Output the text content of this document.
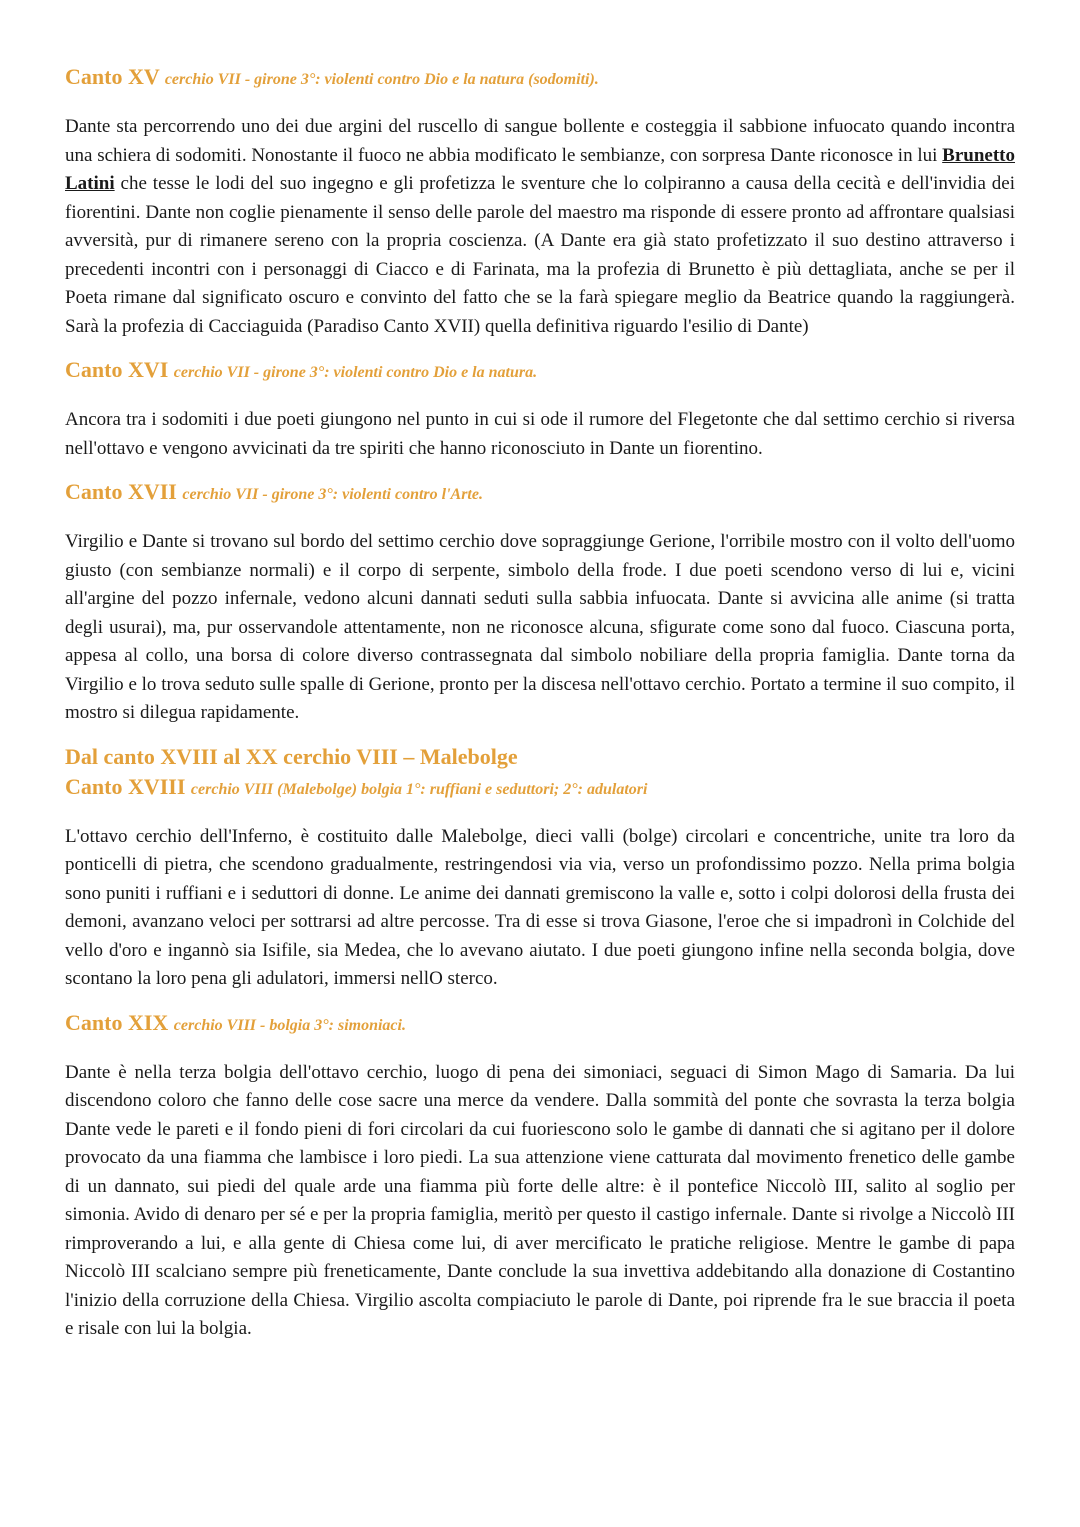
Canto XV cerchio VII - girone 3°: violenti contro Dio e la natura (sodomiti).

Dante sta percorrendo uno dei due argini del ruscello di sangue bollente e costeggia il sabbione infuocato quando incontra una schiera di sodomiti. Nonostante il fuoco ne abbia modificato le sembianze, con sorpresa Dante riconosce in lui Brunetto Latini che tesse le lodi del suo ingegno e gli profetizza le sventure che lo colpiranno a causa della cecità e dell'invidia dei fiorentini. Dante non coglie pienamente il senso delle parole del maestro ma risponde di essere pronto ad affrontare qualsiasi avversità, pur di rimanere sereno con la propria coscienza. (A Dante era già stato profetizzato il suo destino attraverso i precedenti incontri con i personaggi di Ciacco e di Farinata, ma la profezia di Brunetto è più dettagliata, anche se per il Poeta rimane dal significato oscuro e convinto del fatto che se la farà spiegare meglio da Beatrice quando la raggiungerà. Sarà la profezia di Cacciaguida (Paradiso Canto XVII) quella definitiva riguardo l'esilio di Dante)

Canto XVI cerchio VII - girone 3°: violenti contro Dio e la natura.

Ancora tra i sodomiti i due poeti giungono nel punto in cui si ode il rumore del Flegetonte che dal settimo cerchio si riversa nell'ottavo e vengono avvicinati da tre spiriti che hanno riconosciuto in Dante un fiorentino.

Canto XVII cerchio VII - girone 3°: violenti contro l'Arte.

Virgilio e Dante si trovano sul bordo del settimo cerchio dove sopraggiunge Gerione, l'orribile mostro con il volto dell'uomo giusto (con sembianze normali) e il corpo di serpente, simbolo della frode. I due poeti scendono verso di lui e, vicini all'argine del pozzo infernale, vedono alcuni dannati seduti sulla sabbia infuocata. Dante si avvicina alle anime (si tratta degli usurai), ma, pur osservandole attentamente, non ne riconosce alcuna, sfigurate come sono dal fuoco. Ciascuna porta, appesa al collo, una borsa di colore diverso contrassegnata dal simbolo nobiliare della propria famiglia. Dante torna da Virgilio e lo trova seduto sulle spalle di Gerione, pronto per la discesa nell'ottavo cerchio. Portato a termine il suo compito, il mostro si dilegua rapidamente.

Dal canto XVIII al XX cerchio VIII – Malebolge

Canto XVIII cerchio VIII (Malebolge) bolgia 1°: ruffiani e seduttori; 2°: adulatori

L'ottavo cerchio dell'Inferno, è costituito dalle Malebolge, dieci valli (bolge) circolari e concentriche, unite tra loro da ponticelli di pietra, che scendono gradualmente, restringendosi via via, verso un profondissimo pozzo. Nella prima bolgia sono puniti i ruffiani e i seduttori di donne. Le anime dei dannati gremiscono la valle e, sotto i colpi dolorosi della frusta dei demoni, avanzano veloci per sottrarsi ad altre percosse. Tra di esse si trova Giasone, l'eroe che si impadronì in Colchide del vello d'oro e ingannò sia Isifile, sia Medea, che lo avevano aiutato. I due poeti giungono infine nella seconda bolgia, dove scontano la loro pena gli adulatori, immersi nellO sterco.

Canto XIX cerchio VIII - bolgia 3°: simoniaci.

Dante è nella terza bolgia dell'ottavo cerchio, luogo di pena dei simoniaci, seguaci di Simon Mago di Samaria. Da lui discendono coloro che fanno delle cose sacre una merce da vendere. Dalla sommità del ponte che sovrasta la terza bolgia Dante vede le pareti e il fondo pieni di fori circolari da cui fuoriescono solo le gambe di dannati che si agitano per il dolore provocato da una fiamma che lambisce i loro piedi. La sua attenzione viene catturata dal movimento frenetico delle gambe di un dannato, sui piedi del quale arde una fiamma più forte delle altre: è il pontefice Niccolò III, salito al soglio per simonia. Avido di denaro per sé e per la propria famiglia, meritò per questo il castigo infernale. Dante si rivolge a Niccolò III rimproverando a lui, e alla gente di Chiesa come lui, di aver mercificato le pratiche religiose. Mentre le gambe di papa Niccolò III scalciano sempre più freneticamente, Dante conclude la sua invettiva addebitando alla donazione di Costantino l'inizio della corruzione della Chiesa. Virgilio ascolta compiaciuto le parole di Dante, poi riprende fra le sue braccia il poeta e risale con lui la bolgia.
